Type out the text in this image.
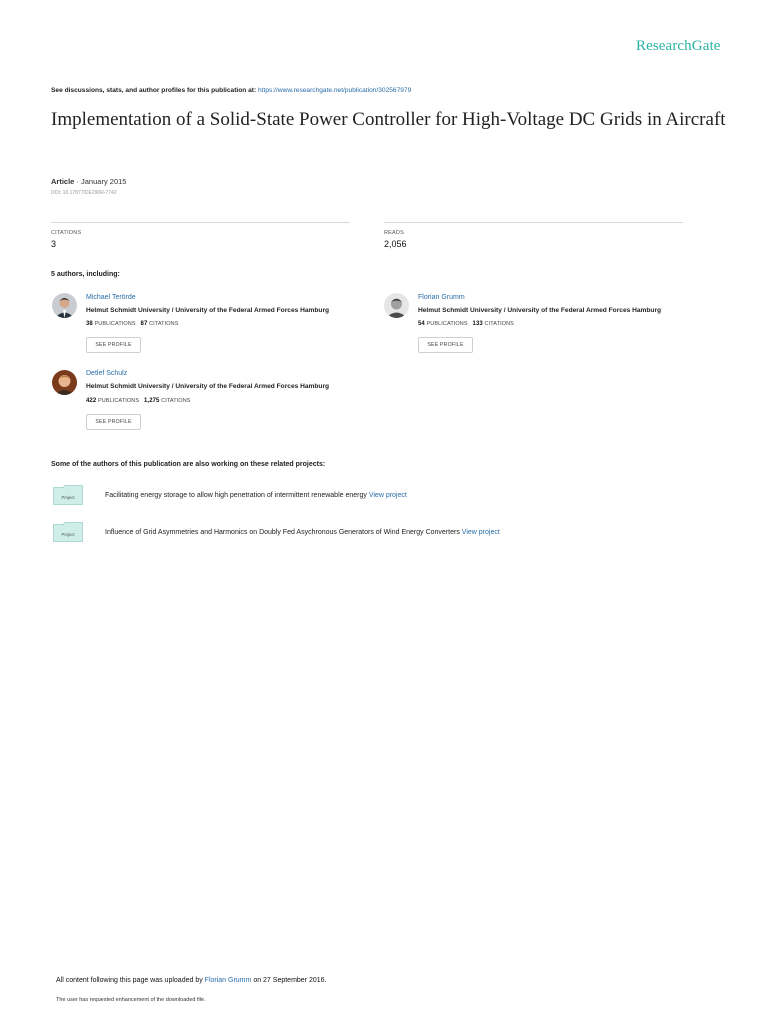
ResearchGate
See discussions, stats, and author profiles for this publication at: https://www.researchgate.net/publication/302567979
Implementation of a Solid-State Power Controller for High-Voltage DC Grids in Aircraft
Article · January 2015
DOI: 10.17877/DE290R-7742
CITATIONS
3
READS
2,056
5 authors, including:
Michael Terörde
Helmut Schmidt University / University of the Federal Armed Forces Hamburg
38 PUBLICATIONS 87 CITATIONS
SEE PROFILE
Florian Grumm
Helmut Schmidt University / University of the Federal Armed Forces Hamburg
54 PUBLICATIONS 133 CITATIONS
SEE PROFILE
Detlef Schulz
Helmut Schmidt University / University of the Federal Armed Forces Hamburg
422 PUBLICATIONS 1,275 CITATIONS
SEE PROFILE
Some of the authors of this publication are also working on these related projects:
Project	Facilitating energy storage to allow high penetration of intermittent renewable energy View project
Project	Influence of Grid Asymmetries and Harmonics on Doubly Fed Asychronous Generators of Wind Energy Converters View project
All content following this page was uploaded by Florian Grumm on 27 September 2016.
The user has requested enhancement of the downloaded file.
